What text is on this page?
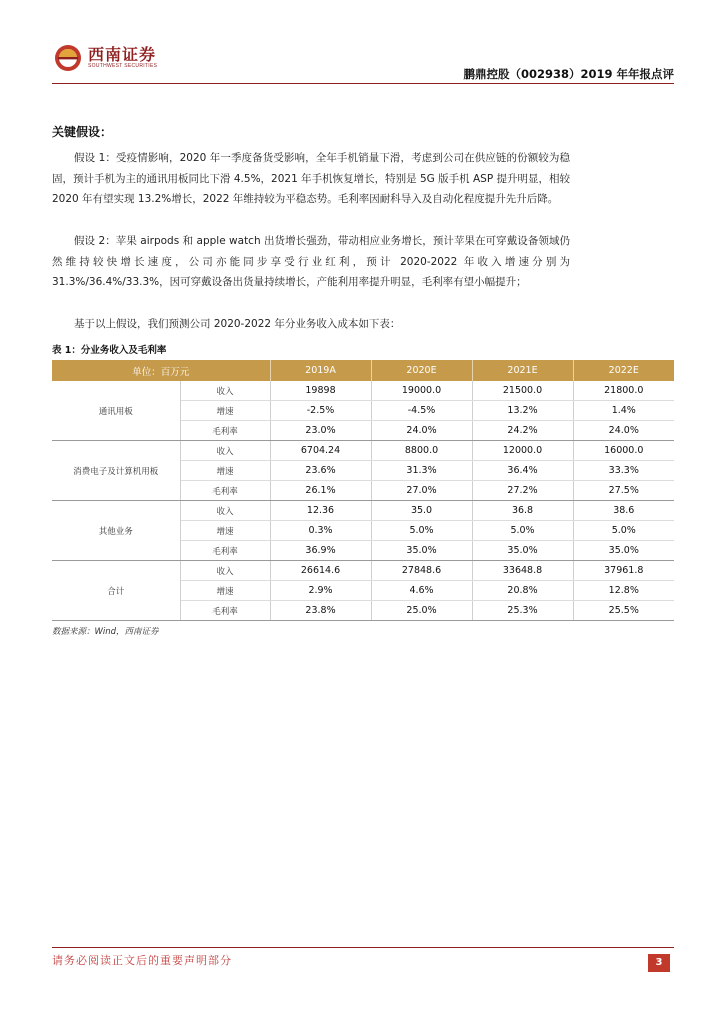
西南证券
SOUTHWEST SECURITIES
鹏鼎控股（002938）2019 年年报点评
关键假设：

假设 1：受疫情影响，2020 年一季度备货受影响，全年手机销量下滑，考虑到公司在供应链的份额较为稳固，预计手机为主的通讯用板同比下滑 4.5%，2021 年手机恢复增长，特别是 5G 版手机 ASP 提升明显，相较 2020 年有望实现 13.2%增长，2022 年维持较为平稳态势。毛利率因耐科导入及自动化程度提升先升后降。

假设 2：苹果 airpods 和 apple watch 出货增长强劲，带动相应业务增长，预计苹果在可穿戴设备领域仍然维持较快增长速度，公司亦能同步享受行业红利，预计 2020-2022 年收入增速分别为 31.3%/36.4%/33.3%，因可穿戴设备出货量持续增长，产能利用率提升明显，毛利率有望小幅提升；

基于以上假设，我们预测公司 2020-2022 年分业务收入成本如下表：

表 1：分业务收入及毛利率
单位：百万元		2019A	2020E	2021E	2022E
通讯用板	收入	19898	19000.0	21500.0	21800.0
	增速	-2.5%	-4.5%	13.2%	1.4%
	毛利率	23.0%	24.0%	24.2%	24.0%
消费电子及计算机用板	收入	6704.24	8800.0	12000.0	16000.0
	增速	23.6%	31.3%	36.4%	33.3%
	毛利率	26.1%	27.0%	27.2%	27.5%
其他业务	收入	12.36	35.0	36.8	38.6
	增速	0.3%	5.0%	5.0%	5.0%
	毛利率	36.9%	35.0%	35.0%	35.0%
合计	收入	26614.6	27848.6	33648.8	37961.8
	增速	2.9%	4.6%	20.8%	12.8%
	毛利率	23.8%	25.0%	25.3%	25.5%
数据来源：Wind，西南证券
请务必阅读正文后的重要声明部分	3
